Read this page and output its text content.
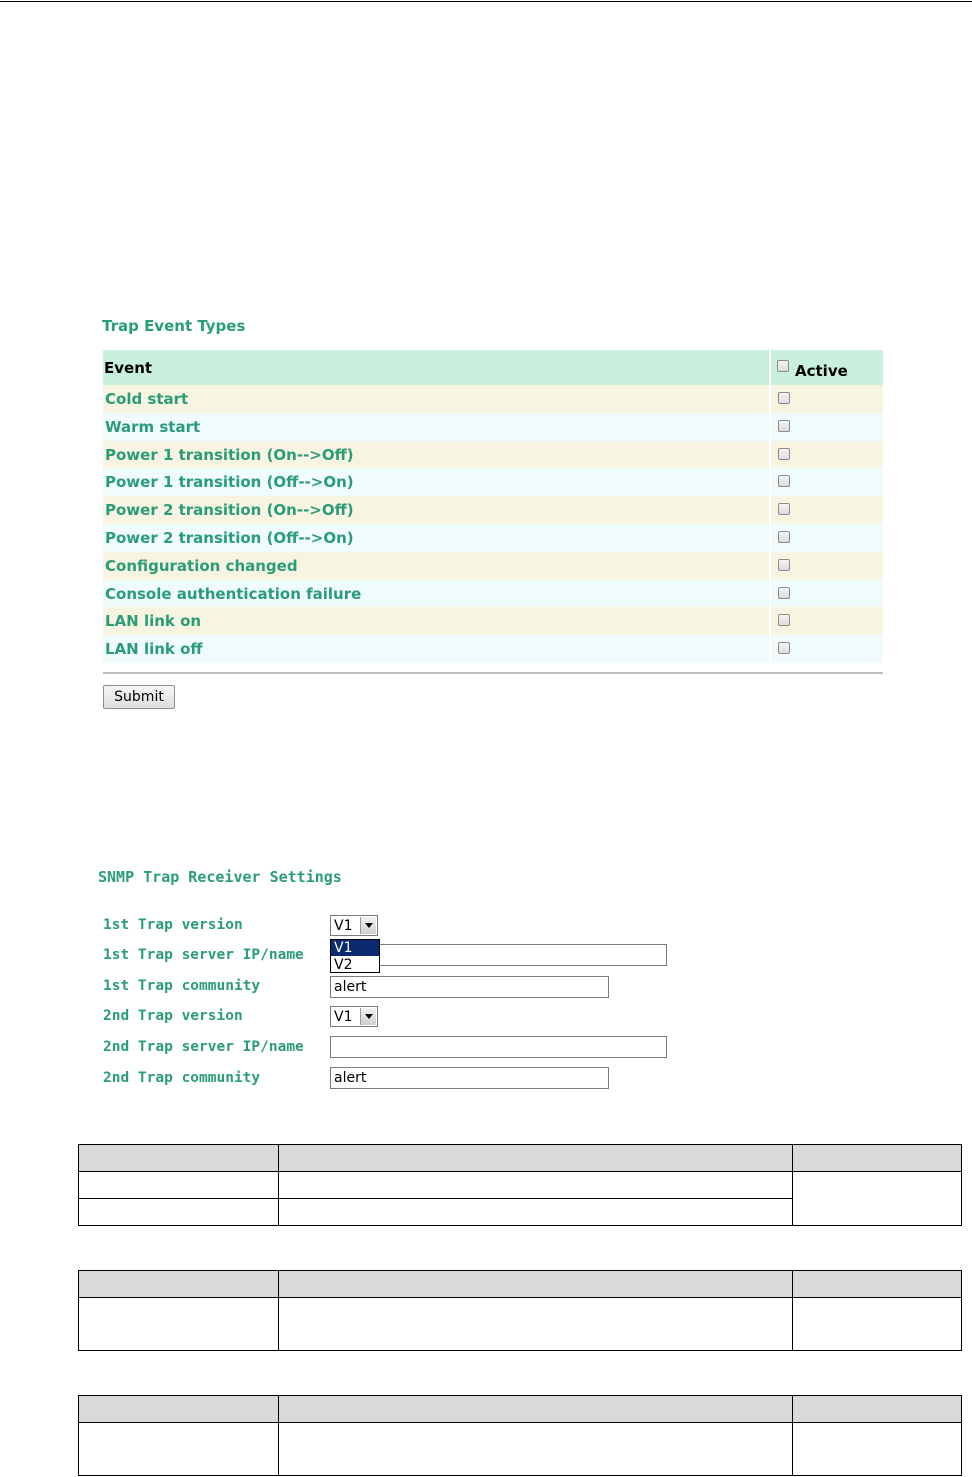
Trap Event Types
Event	Active
Cold start
Warm start
Power 1 transition (On-->Off)
Power 1 transition (Off-->On)
Power 2 transition (On-->Off)
Power 2 transition (Off-->On)
Configuration changed
Console authentication failure
LAN link on
LAN link off
Submit
SNMP Trap Receiver Settings
1st Trap version	V1
V1
V2
1st Trap server IP/name
1st Trap community	alert
2nd Trap version	V1
2nd Trap server IP/name
2nd Trap community	alert
